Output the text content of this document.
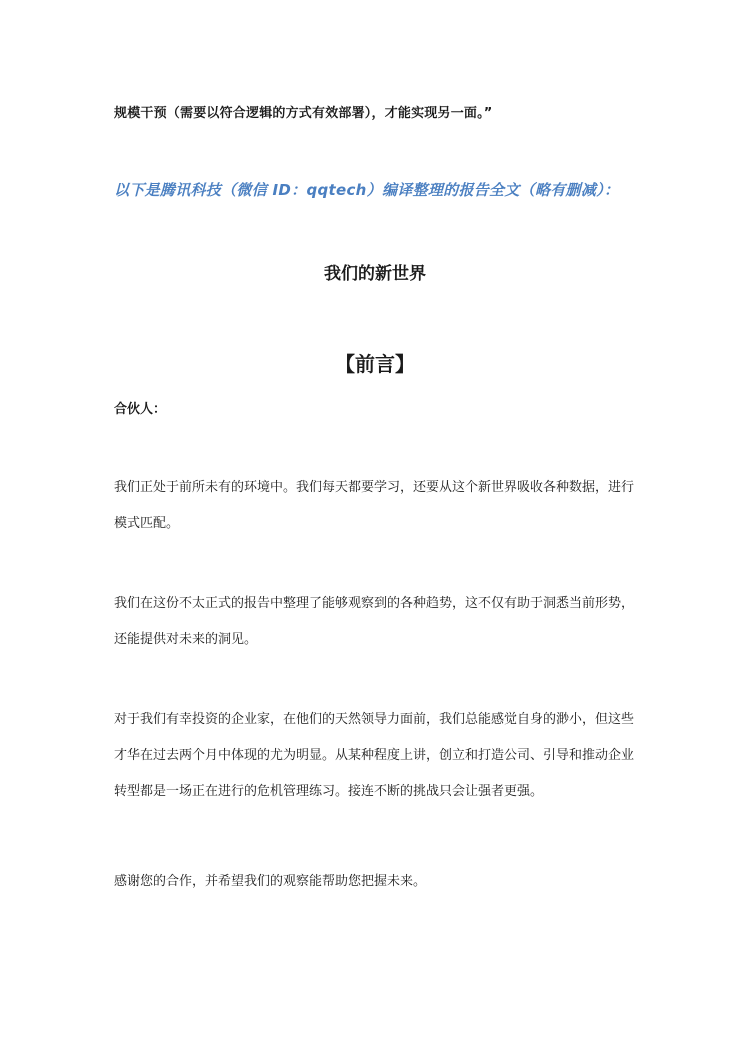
规模干预（需要以符合逻辑的方式有效部署），才能实现另一面。”
以下是腾讯科技（微信 ID：qqtech）编译整理的报告全文（略有删减）：
我们的新世界
【前言】
合伙人：
我们正处于前所未有的环境中。我们每天都要学习，还要从这个新世界吸收各种数据，进行模式匹配。
我们在这份不太正式的报告中整理了能够观察到的各种趋势，这不仅有助于洞悉当前形势，还能提供对未来的洞见。
对于我们有幸投资的企业家，在他们的天然领导力面前，我们总能感觉自身的渺小，但这些才华在过去两个月中体现的尤为明显。从某种程度上讲，创立和打造公司、引导和推动企业转型都是一场正在进行的危机管理练习。接连不断的挑战只会让强者更强。
感谢您的合作，并希望我们的观察能帮助您把握未来。
